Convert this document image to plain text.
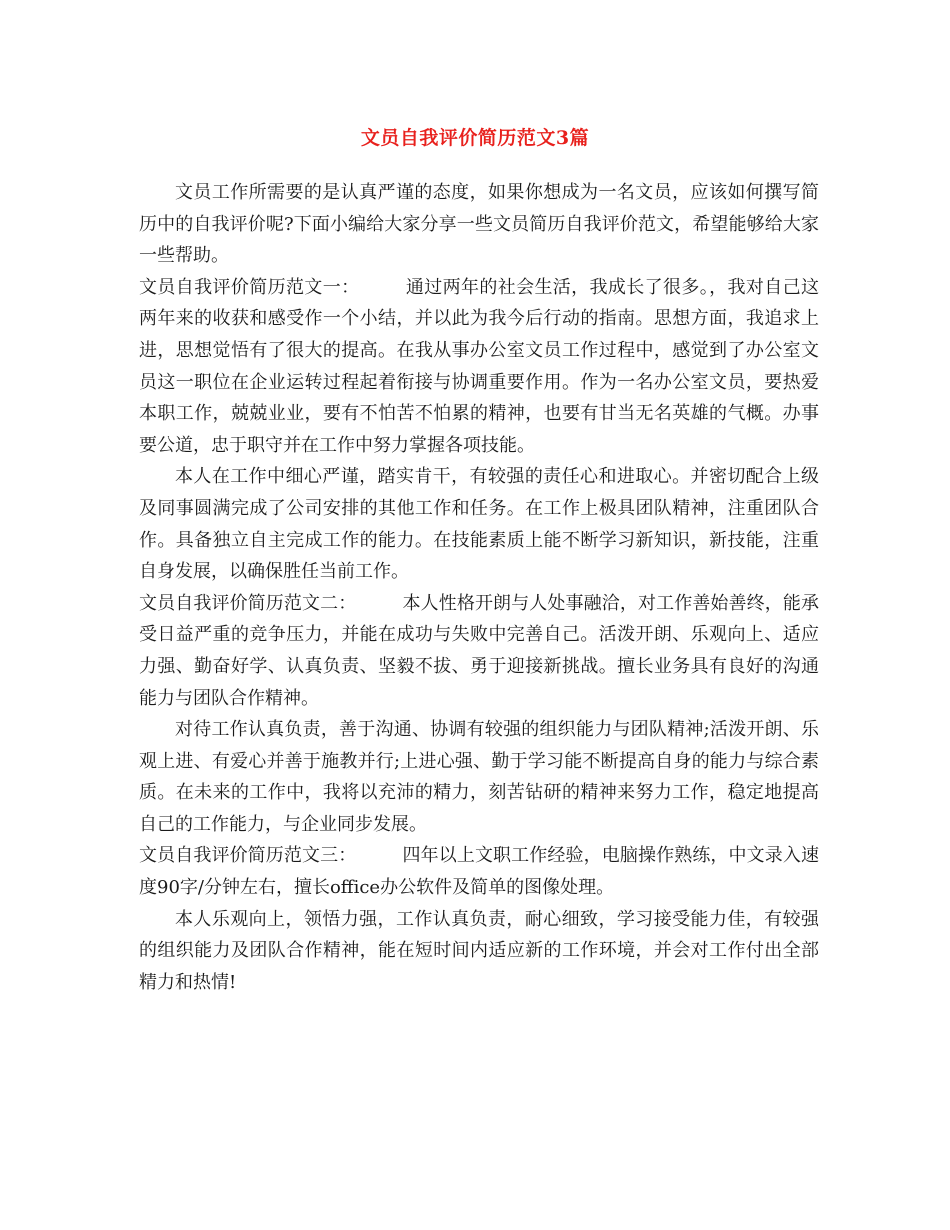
文员自我评价简历范文3篇

文员工作所需要的是认真严谨的态度，如果你想成为一名文员，应该如何撰写简历中的自我评价呢?下面小编给大家分享一些文员简历自我评价范文，希望能够给大家一些帮助。

文员自我评价简历范文一：	通过两年的社会生活，我成长了很多。，我对自己这两年来的收获和感受作一个小结，并以此为我今后行动的指南。思想方面，我追求上进，思想觉悟有了很大的提高。在我从事办公室文员工作过程中，感觉到了办公室文员这一职位在企业运转过程起着衔接与协调重要作用。作为一名办公室文员，要热爱本职工作，兢兢业业，要有不怕苦不怕累的精神，也要有甘当无名英雄的气概。办事要公道，忠于职守并在工作中努力掌握各项技能。

本人在工作中细心严谨，踏实肯干，有较强的责任心和进取心。并密切配合上级及同事圆满完成了公司安排的其他工作和任务。在工作上极具团队精神，注重团队合作。具备独立自主完成工作的能力。在技能素质上能不断学习新知识，新技能，注重自身发展，以确保胜任当前工作。

文员自我评价简历范文二：	本人性格开朗与人处事融洽，对工作善始善终，能承受日益严重的竞争压力，并能在成功与失败中完善自己。活泼开朗、乐观向上、适应力强、勤奋好学、认真负责、坚毅不拔、勇于迎接新挑战。擅长业务具有良好的沟通能力与团队合作精神。

对待工作认真负责，善于沟通、协调有较强的组织能力与团队精神;活泼开朗、乐观上进、有爱心并善于施教并行;上进心强、勤于学习能不断提高自身的能力与综合素质。在未来的工作中，我将以充沛的精力，刻苦钻研的精神来努力工作，稳定地提高自己的工作能力，与企业同步发展。

文员自我评价简历范文三：	四年以上文职工作经验，电脑操作熟练，中文录入速度90字/分钟左右，擅长office办公软件及简单的图像处理。

本人乐观向上，领悟力强，工作认真负责，耐心细致，学习接受能力佳，有较强的组织能力及团队合作精神，能在短时间内适应新的工作环境，并会对工作付出全部精力和热情!
